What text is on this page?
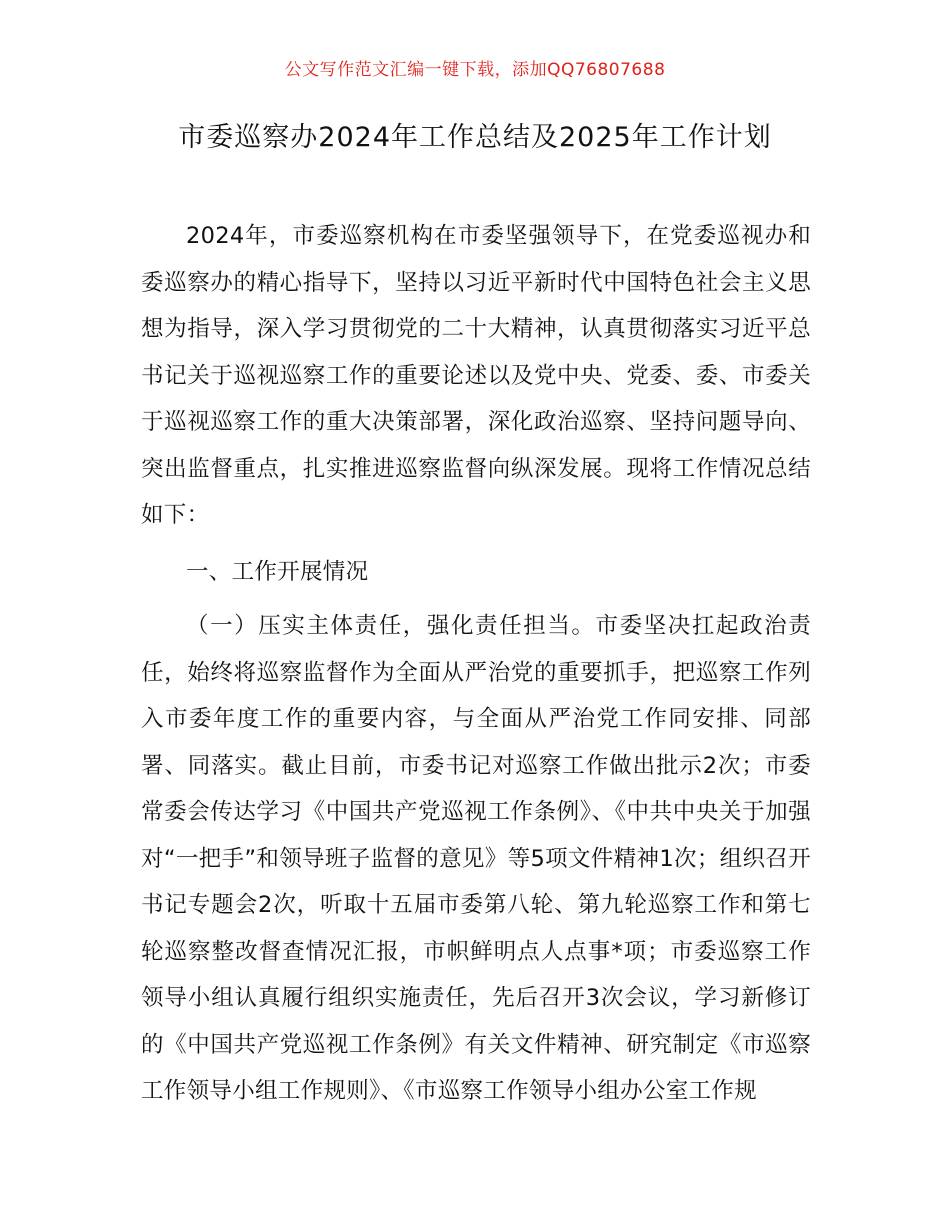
公文写作范文汇编一键下载，添加QQ76807688
市委巡察办2024年工作总结及2025年工作计划

2024年，市委巡察机构在市委坚强领导下，在党委巡视办和委巡察办的精心指导下，坚持以习近平新时代中国特色社会主义思想为指导，深入学习贯彻党的二十大精神，认真贯彻落实习近平总书记关于巡视巡察工作的重要论述以及党中央、党委、委、市委关于巡视巡察工作的重大决策部署，深化政治巡察、坚持问题导向、突出监督重点，扎实推进巡察监督向纵深发展。现将工作情况总结如下：

一、工作开展情况

（一）压实主体责任，强化责任担当。市委坚决扛起政治责任，始终将巡察监督作为全面从严治党的重要抓手，把巡察工作列入市委年度工作的重要内容，与全面从严治党工作同安排、同部署、同落实。截止目前，市委书记对巡察工作做出批示2次；市委常委会传达学习《中国共产党巡视工作条例》、《中共中央关于加强对“一把手”和领导班子监督的意见》等5项文件精神1次；组织召开书记专题会2次，听取十五届市委第八轮、第九轮巡察工作和第七轮巡察整改督查情况汇报，市帜鲜明点人点事*项；市委巡察工作领导小组认真履行组织实施责任，先后召开3次会议，学习新修订的《中国共产党巡视工作条例》有关文件精神、研究制定《市巡察工作领导小组工作规则》、《市巡察工作领导小组办公室工作规
